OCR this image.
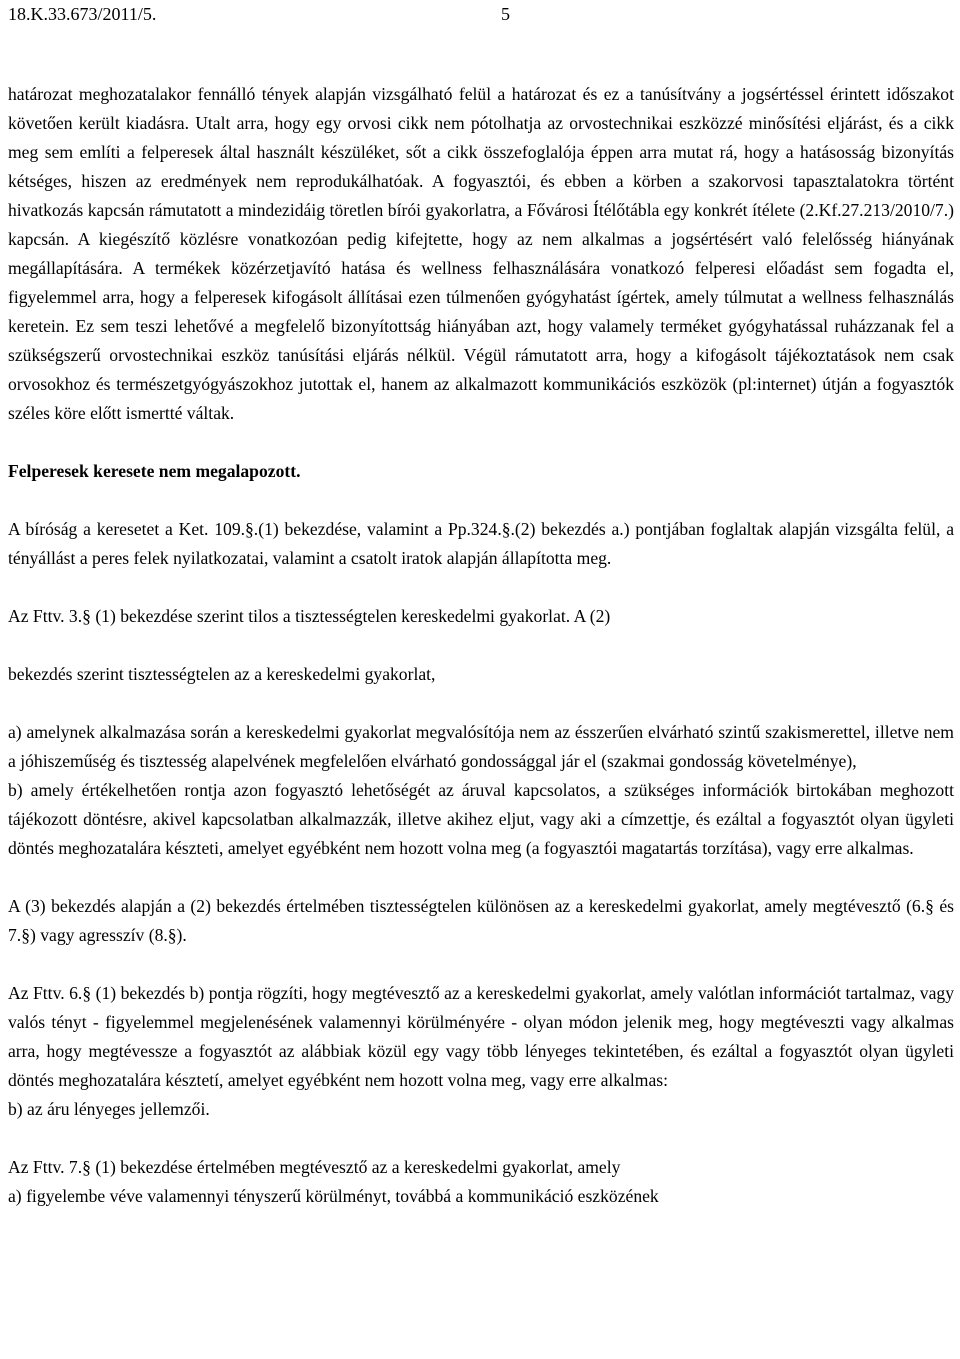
18.K.33.673/2011/5.	5

határozat meghozatalakor fennálló tények alapján vizsgálható felül a határozat és ez a tanúsítvány a jogsértéssel érintett időszakot követően került kiadásra. Utalt arra, hogy egy orvosi cikk nem pótolhatja az orvostechnikai eszközzé minősítési eljárást, és a cikk meg sem említi a felperesek által használt készüléket, sőt a cikk összefoglalója éppen arra mutat rá, hogy a hatásosság bizonyítás kétséges, hiszen az eredmények nem reprodukálhatóak. A fogyasztói, és ebben a körben a szakorvosi tapasztalatokra történt hivatkozás kapcsán rámutatott a mindezidáig töretlen bírói gyakorlatra, a Fővárosi Ítélőtábla egy konkrét ítélete (2.Kf.27.213/2010/7.) kapcsán. A kiegészítő közlésre vonatkozóan pedig kifejtette, hogy az nem alkalmas a jogsértésért való felelősség hiányának megállapítására. A termékek közérzetjavító hatása és wellness felhasználására vonatkozó felperesi előadást sem fogadta el, figyelemmel arra, hogy a felperesek kifogásolt állításai ezen túlmenően gyógyhatást ígértek, amely túlmutat a wellness felhasználás keretein. Ez sem teszi lehetővé a megfelelő bizonyítottság hiányában azt, hogy valamely terméket gyógyhatással ruházzanak fel a szükségszerű orvostechnikai eszköz tanúsítási eljárás nélkül. Végül rámutatott arra, hogy a kifogásolt tájékoztatások nem csak orvosokhoz és természetgyógyászokhoz jutottak el, hanem az alkalmazott kommunikációs eszközök (pl:internet) útján a fogyasztók széles köre előtt ismertté váltak.

Felperesek keresete nem megalapozott.

A bíróság a keresetet a Ket. 109.§.(1) bekezdése, valamint a Pp.324.§.(2) bekezdés a.) pontjában foglaltak alapján vizsgálta felül, a tényállást a peres felek nyilatkozatai, valamint a csatolt iratok alapján állapította meg.

Az Fttv. 3.§ (1) bekezdése szerint tilos a tisztességtelen kereskedelmi gyakorlat. A (2)

bekezdés szerint tisztességtelen az a kereskedelmi gyakorlat,

a) amelynek alkalmazása során a kereskedelmi gyakorlat megvalósítója nem az ésszerűen elvárható szintű szakismerettel, illetve nem a jóhiszeműség és tisztesség alapelvének megfelelően elvárható gondossággal jár el (szakmai gondosság követelménye),

b) amely értékelhetően rontja azon fogyasztó lehetőségét az áruval kapcsolatos, a szükséges információk birtokában meghozott tájékozott döntésre, akivel kapcsolatban alkalmazzák, illetve akihez eljut, vagy aki a címzettje, és ezáltal a fogyasztót olyan ügyleti döntés meghozatalára készteti, amelyet egyébként nem hozott volna meg (a fogyasztói magatartás torzítása), vagy erre alkalmas.

A (3) bekezdés alapján a (2) bekezdés értelmében tisztességtelen különösen az a kereskedelmi gyakorlat, amely megtévesztő (6.§ és 7.§) vagy agresszív (8.§).

Az Fttv. 6.§ (1) bekezdés b) pontja rögzíti, hogy megtévesztő az a kereskedelmi gyakorlat, amely valótlan információt tartalmaz, vagy valós tényt - figyelemmel megjelenésének valamennyi körülményére - olyan módon jelenik meg, hogy megtéveszti vagy alkalmas arra, hogy megtévessze a fogyasztót az alábbiak közül egy vagy több lényeges tekintetében, és ezáltal a fogyasztót olyan ügyleti döntés meghozatalára késztetí, amelyet egyébként nem hozott volna meg, vagy erre alkalmas:

b) az áru lényeges jellemzői.

Az Fttv. 7.§ (1) bekezdése értelmében megtévesztő az a kereskedelmi gyakorlat, amely

a) figyelembe véve valamennyi tényszerű körülményt, továbbá a kommunikáció eszközének
